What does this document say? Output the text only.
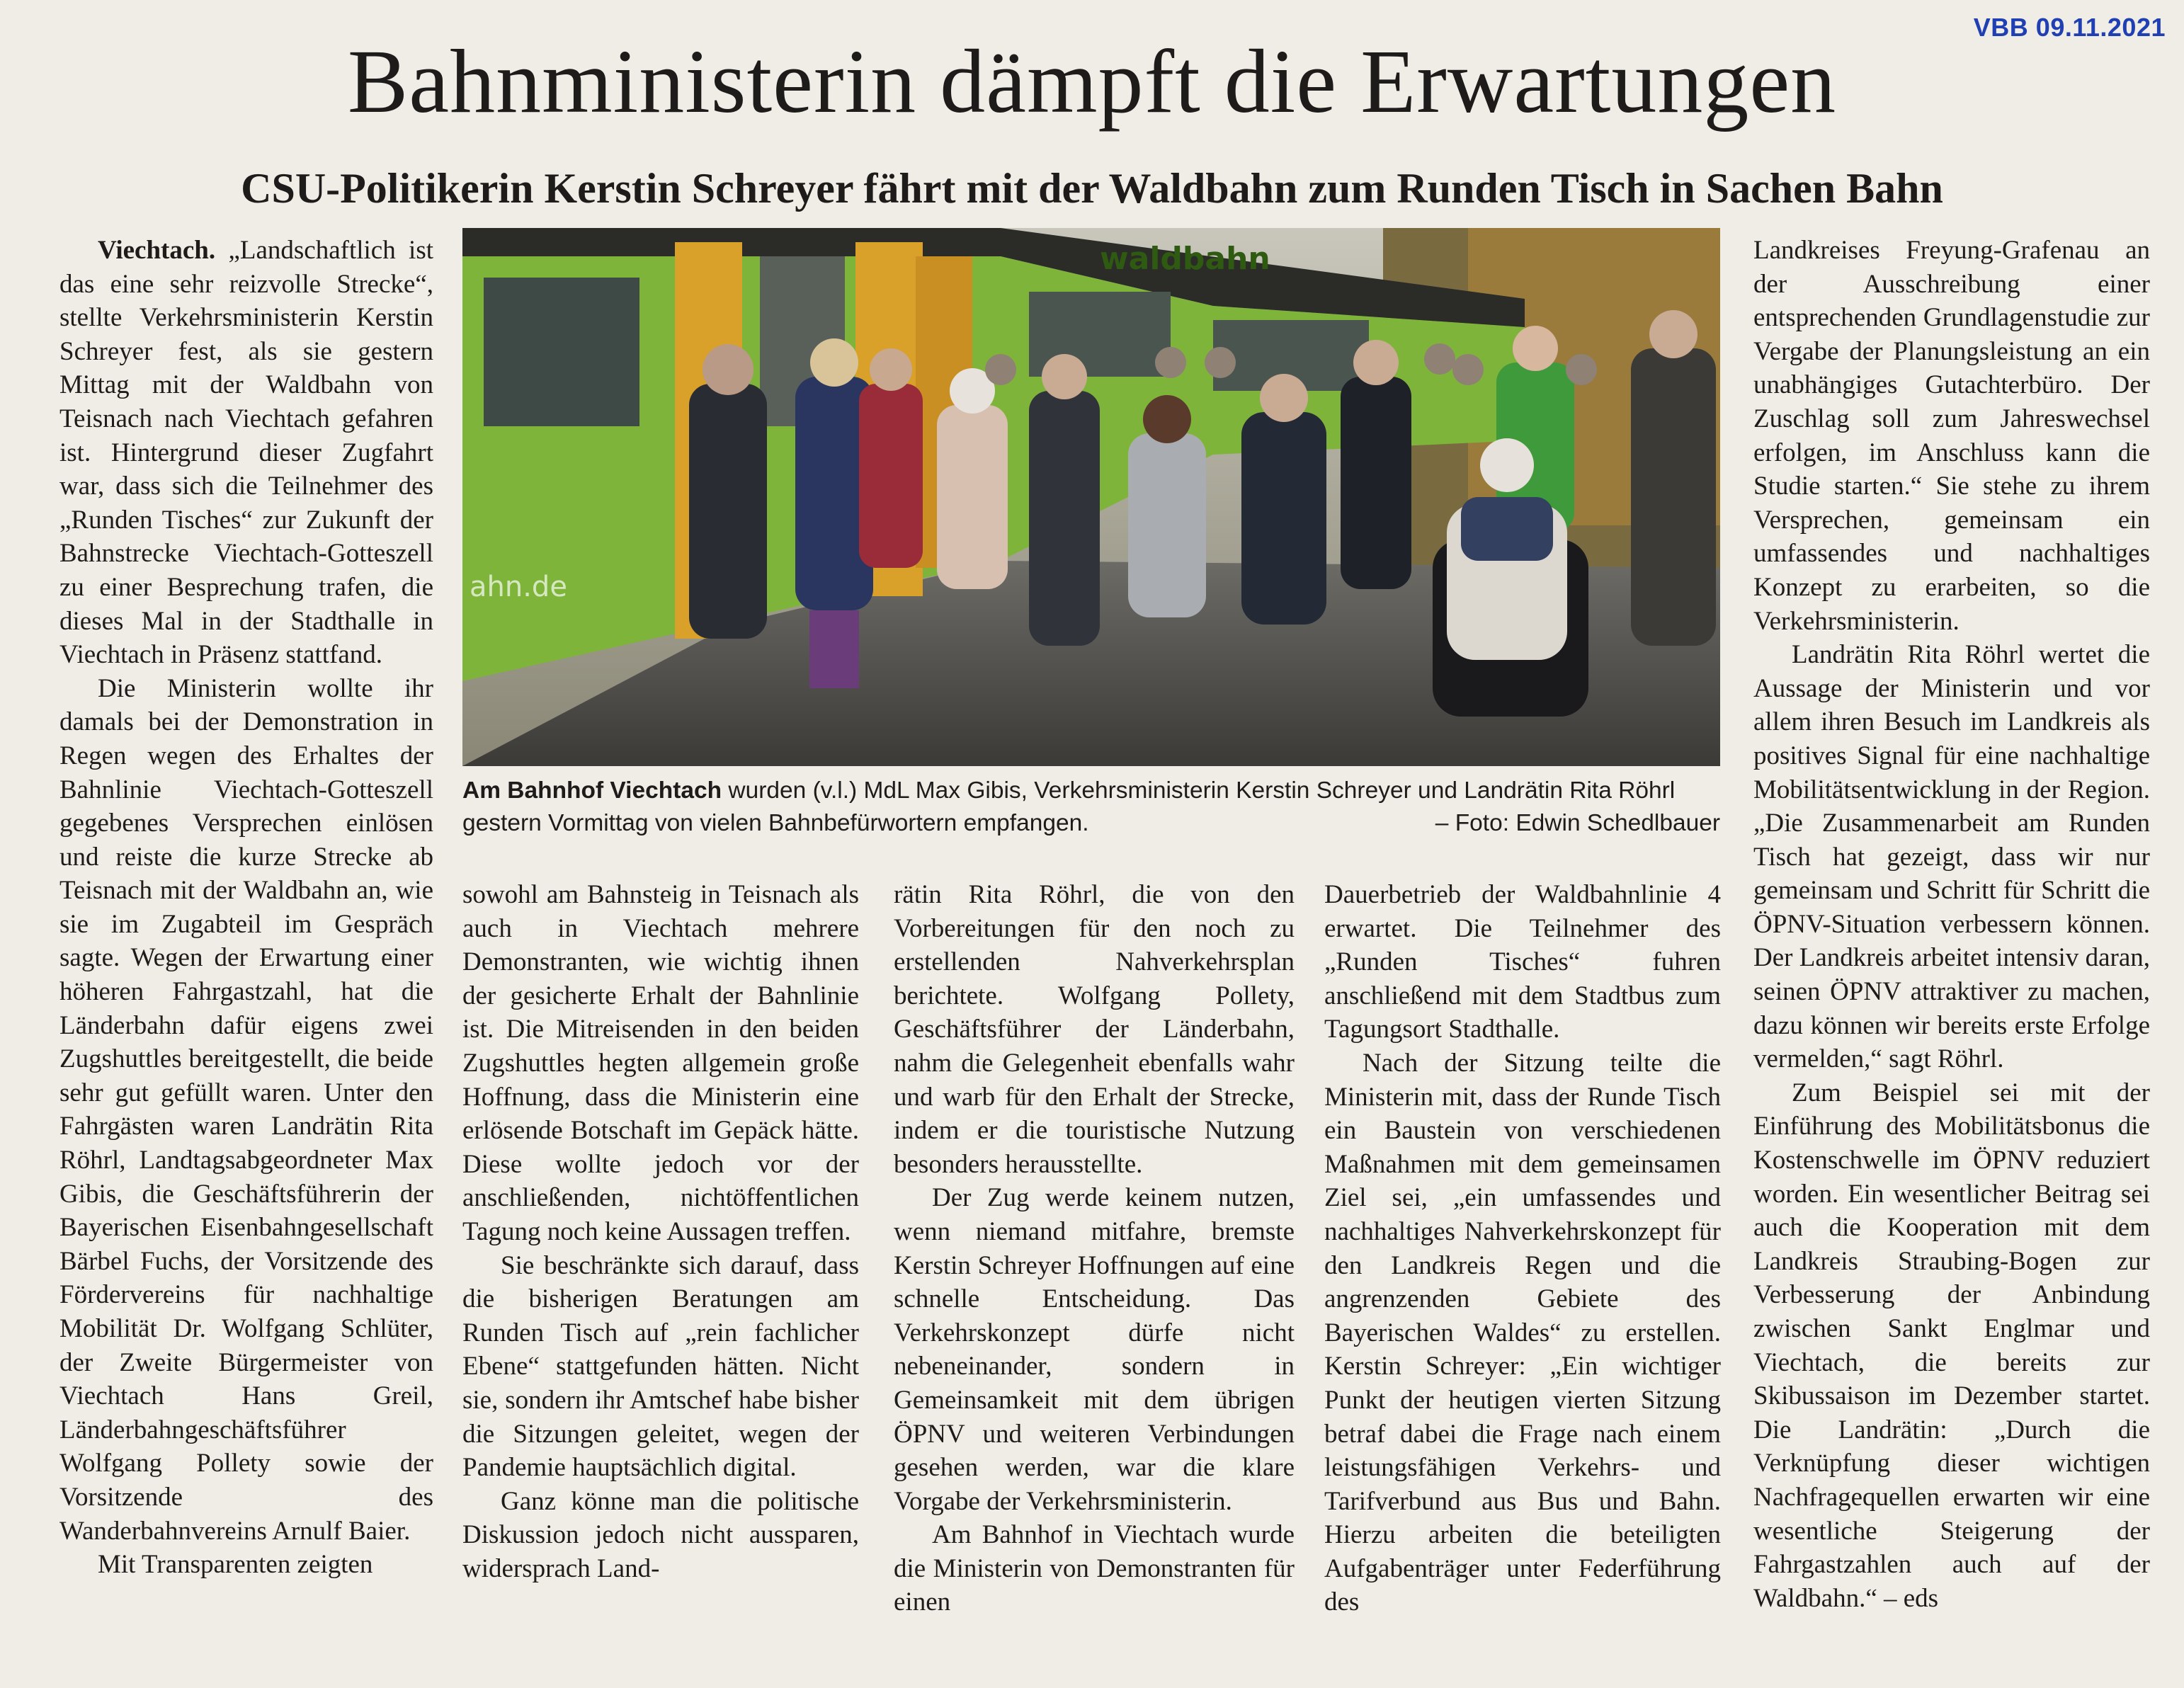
VBB 09.11.2021
Bahnministerin dämpft die Erwartungen
CSU-Politikerin Kerstin Schreyer fährt mit der Waldbahn zum Runden Tisch in Sachen Bahn

Viechtach. „Landschaftlich ist das eine sehr reizvolle Strecke“, stellte Verkehrsministerin Kerstin Schreyer fest, als sie gestern Mittag mit der Waldbahn von Teisnach nach Viechtach gefahren ist. Hintergrund dieser Zugfahrt war, dass sich die Teilnehmer des „Runden Tisches“ zur Zukunft der Bahnstrecke Viechtach-Gotteszell zu einer Besprechung trafen, die dieses Mal in der Stadthalle in Viechtach in Präsenz stattfand.

Die Ministerin wollte ihr damals bei der Demonstration in Regen wegen des Erhaltes der Bahnlinie Viechtach-Gotteszell gegebenes Versprechen einlösen und reiste die kurze Strecke ab Teisnach mit der Waldbahn an, wie sie im Zugabteil im Gespräch sagte. Wegen der Erwartung einer höheren Fahrgastzahl, hat die Länderbahn dafür eigens zwei Zugshuttles bereitgestellt, die beide sehr gut gefüllt waren. Unter den Fahrgästen waren Landrätin Rita Röhrl, Landtagsabgeordneter Max Gibis, die Geschäftsführerin der Bayerischen Eisenbahngesellschaft Bärbel Fuchs, der Vorsitzende des Fördervereins für nachhaltige Mobilität Dr. Wolfgang Schlüter, der Zweite Bürgermeister von Viechtach Hans Greil, Länderbahngeschäftsführer Wolfgang Pollety sowie der Vorsitzende des Wanderbahnvereins Arnulf Baier.

Mit Transparenten zeigten

waldbahn
ahn.de
Am Bahnhof Viechtach wurden (v.l.) MdL Max Gibis, Verkehrsministerin Kerstin Schreyer und Landrätin Rita Röhrl gestern Vormittag von vielen Bahnbefürwortern empfangen.	– Foto: Edwin Schedlbauer

sowohl am Bahnsteig in Teisnach als auch in Viechtach mehrere Demonstranten, wie wichtig ihnen der gesicherte Erhalt der Bahnlinie ist. Die Mitreisenden in den beiden Zugshuttles hegten allgemein große Hoffnung, dass die Ministerin eine erlösende Botschaft im Gepäck hätte. Diese wollte jedoch vor der anschließenden, nichtöffentlichen Tagung noch keine Aussagen treffen.

Sie beschränkte sich darauf, dass die bisherigen Beratungen am Runden Tisch auf „rein fachlicher Ebene“ stattgefunden hätten. Nicht sie, sondern ihr Amtschef habe bisher die Sitzungen geleitet, wegen der Pandemie hauptsächlich digital.

Ganz könne man die politische Diskussion jedoch nicht aussparen, widersprach Land-

rätin Rita Röhrl, die von den Vorbereitungen für den noch zu erstellenden Nahverkehrsplan berichtete. Wolfgang Pollety, Geschäftsführer der Länderbahn, nahm die Gelegenheit ebenfalls wahr und warb für den Erhalt der Strecke, indem er die touristische Nutzung besonders herausstellte.

Der Zug werde keinem nutzen, wenn niemand mitfahre, bremste Kerstin Schreyer Hoffnungen auf eine schnelle Entscheidung. Das Verkehrskonzept dürfe nicht nebeneinander, sondern in Gemeinsamkeit mit dem übrigen ÖPNV und weiteren Verbindungen gesehen werden, war die klare Vorgabe der Verkehrsministerin.

Am Bahnhof in Viechtach wurde die Ministerin von Demonstranten für einen

Dauerbetrieb der Waldbahnlinie 4 erwartet. Die Teilnehmer des „Runden Tisches“ fuhren anschließend mit dem Stadtbus zum Tagungsort Stadthalle.

Nach der Sitzung teilte die Ministerin mit, dass der Runde Tisch ein Baustein von verschiedenen Maßnahmen mit dem gemeinsamen Ziel sei, „ein umfassendes und nachhaltiges Nahverkehrskonzept für den Landkreis Regen und die angrenzenden Gebiete des Bayerischen Waldes“ zu erstellen. Kerstin Schreyer: „Ein wichtiger Punkt der heutigen vierten Sitzung betraf dabei die Frage nach einem leistungsfähigen Verkehrs- und Tarifverbund aus Bus und Bahn. Hierzu arbeiten die beteiligten Aufgabenträger unter Federführung des

Landkreises Freyung-Grafenau an der Ausschreibung einer entsprechenden Grundlagenstudie zur Vergabe der Planungsleistung an ein unabhängiges Gutachterbüro. Der Zuschlag soll zum Jahreswechsel erfolgen, im Anschluss kann die Studie starten.“ Sie stehe zu ihrem Versprechen, gemeinsam ein umfassendes und nachhaltiges Konzept zu erarbeiten, so die Verkehrsministerin.

Landrätin Rita Röhrl wertet die Aussage der Ministerin und vor allem ihren Besuch im Landkreis als positives Signal für eine nachhaltige Mobilitätsentwicklung in der Region. „Die Zusammenarbeit am Runden Tisch hat gezeigt, dass wir nur gemeinsam und Schritt für Schritt die ÖPNV-Situation verbessern können. Der Landkreis arbeitet intensiv daran, seinen ÖPNV attraktiver zu machen, dazu können wir bereits erste Erfolge vermelden,“ sagt Röhrl.

Zum Beispiel sei mit der Einführung des Mobilitätsbonus die Kostenschwelle im ÖPNV reduziert worden. Ein wesentlicher Beitrag sei auch die Kooperation mit dem Landkreis Straubing-Bogen zur Verbesserung der Anbindung zwischen Sankt Englmar und Viechtach, die bereits zur Skibussaison im Dezember startet. Die Landrätin: „Durch die Verknüpfung dieser wichtigen Nachfragequellen erwarten wir eine wesentliche Steigerung der Fahrgastzahlen auch auf der Waldbahn.“ – eds
